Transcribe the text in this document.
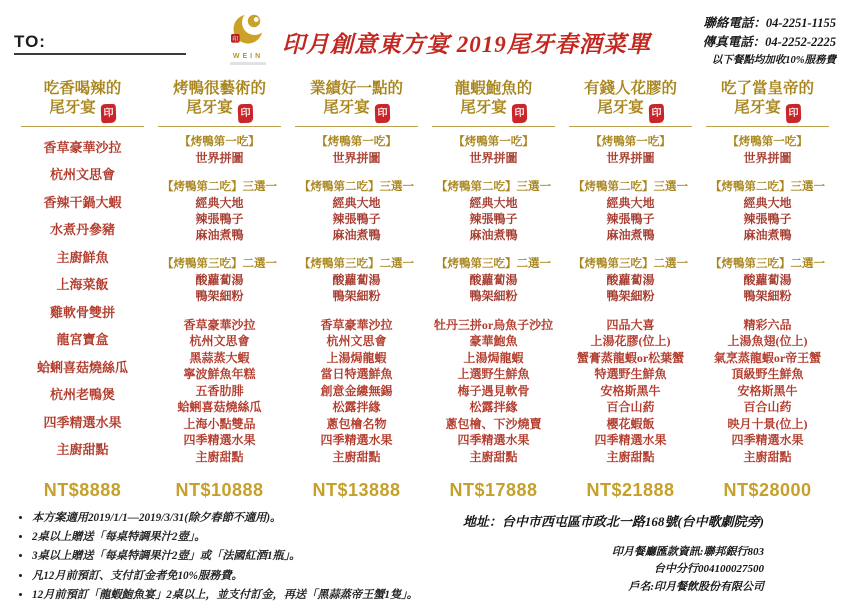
TO:	印
WEIN 印月創意東方宴 2019尾牙春酒菜單
聯絡電話：04-2251-1155
傳真電話：04-2252-2225
以下餐點均加收10%服務費
吃香喝辣的
尾牙宴 印
香草豪華沙拉
杭州文思會
香辣干鍋大蝦
水煮丹參豬
主廚鮮魚
上海菜飯
雞軟骨雙拼
龍宮寶盒
蛤蜊喜菇燒絲瓜
杭州老鴨煲
四季精選水果
主廚甜點
NT$8888
烤鴨很藝術的
尾牙宴 印
【烤鴨第一吃】
世界拼圖
【烤鴨第二吃】三選一
經典大地
辣張鴨子
麻油煮鴨
【烤鴨第三吃】二選一
酸蘿蔔湯
鴨架細粉
香草豪華沙拉
杭州文思會
黑蒜蒸大蝦
寧波鮮魚年糕
五香肋腓
蛤蜊喜菇燒絲瓜
上海小點雙品
四季精選水果
主廚甜點
NT$10888
業績好一點的
尾牙宴 印
【烤鴨第一吃】
世界拼圖
【烤鴨第二吃】三選一
經典大地
辣張鴨子
麻油煮鴨
【烤鴨第三吃】二選一
酸蘿蔔湯
鴨架細粉
香草豪華沙拉
杭州文思會
上湯焗龍蝦
當日特選鮮魚
創意金縷無錫
松露拌緣
蔥包檜名物
四季精選水果
主廚甜點
NT$13888
龍蝦鮑魚的
尾牙宴 印
【烤鴨第一吃】
世界拼圖
【烤鴨第二吃】三選一
經典大地
辣張鴨子
麻油煮鴨
【烤鴨第三吃】二選一
酸蘿蔔湯
鴨架細粉
牡丹三拼or烏魚子沙拉
豪華鮑魚
上湯焗龍蝦
上選野生鮮魚
梅子遇見軟骨
松露拌緣
蔥包檜、下沙燒賣
四季精選水果
主廚甜點
NT$17888
有錢人花膠的
尾牙宴 印
【烤鴨第一吃】
世界拼圖
【烤鴨第二吃】三選一
經典大地
辣張鴨子
麻油煮鴨
【烤鴨第三吃】二選一
酸蘿蔔湯
鴨架細粉
四品大喜
上湯花膠(位上)
蟹膏蒸龍蝦or松葉蟹
特選野生鮮魚
安格斯黑牛
百合山葯
櫻花蝦飯
四季精選水果
主廚甜點
NT$21888
吃了當皇帝的
尾牙宴 印
【烤鴨第一吃】
世界拼圖
【烤鴨第二吃】三選一
經典大地
辣張鴨子
麻油煮鴨
【烤鴨第三吃】二選一
酸蘿蔔湯
鴨架細粉
精彩六品
上湯魚翅(位上)
氣烹蒸龍蝦or帝王蟹
頂級野生鮮魚
安格斯黑牛
百合山药
映月十景(位上)
四季精選水果
主廚甜點
NT$28000
• 本方案適用2019/1/1—2019/3/31(除夕春節不適用)。
• 2桌以上贈送「每桌特調果汁2壺」。
• 3桌以上贈送「每桌特調果汁2壺」或「法國紅酒1瓶」。
• 凡12月前預訂、支付訂金者免10%服務費。
• 12月前預訂「龍蝦鮑魚宴」2桌以上，並支付訂金，再送「黑蒜蒸帝王蟹1隻」。
地址：台中市西屯區市政北一路168號(台中歌劇院旁)
印月餐廳匯款資訊:聯邦銀行803
台中分行004100027500
戶名:印月餐飲股份有限公司
